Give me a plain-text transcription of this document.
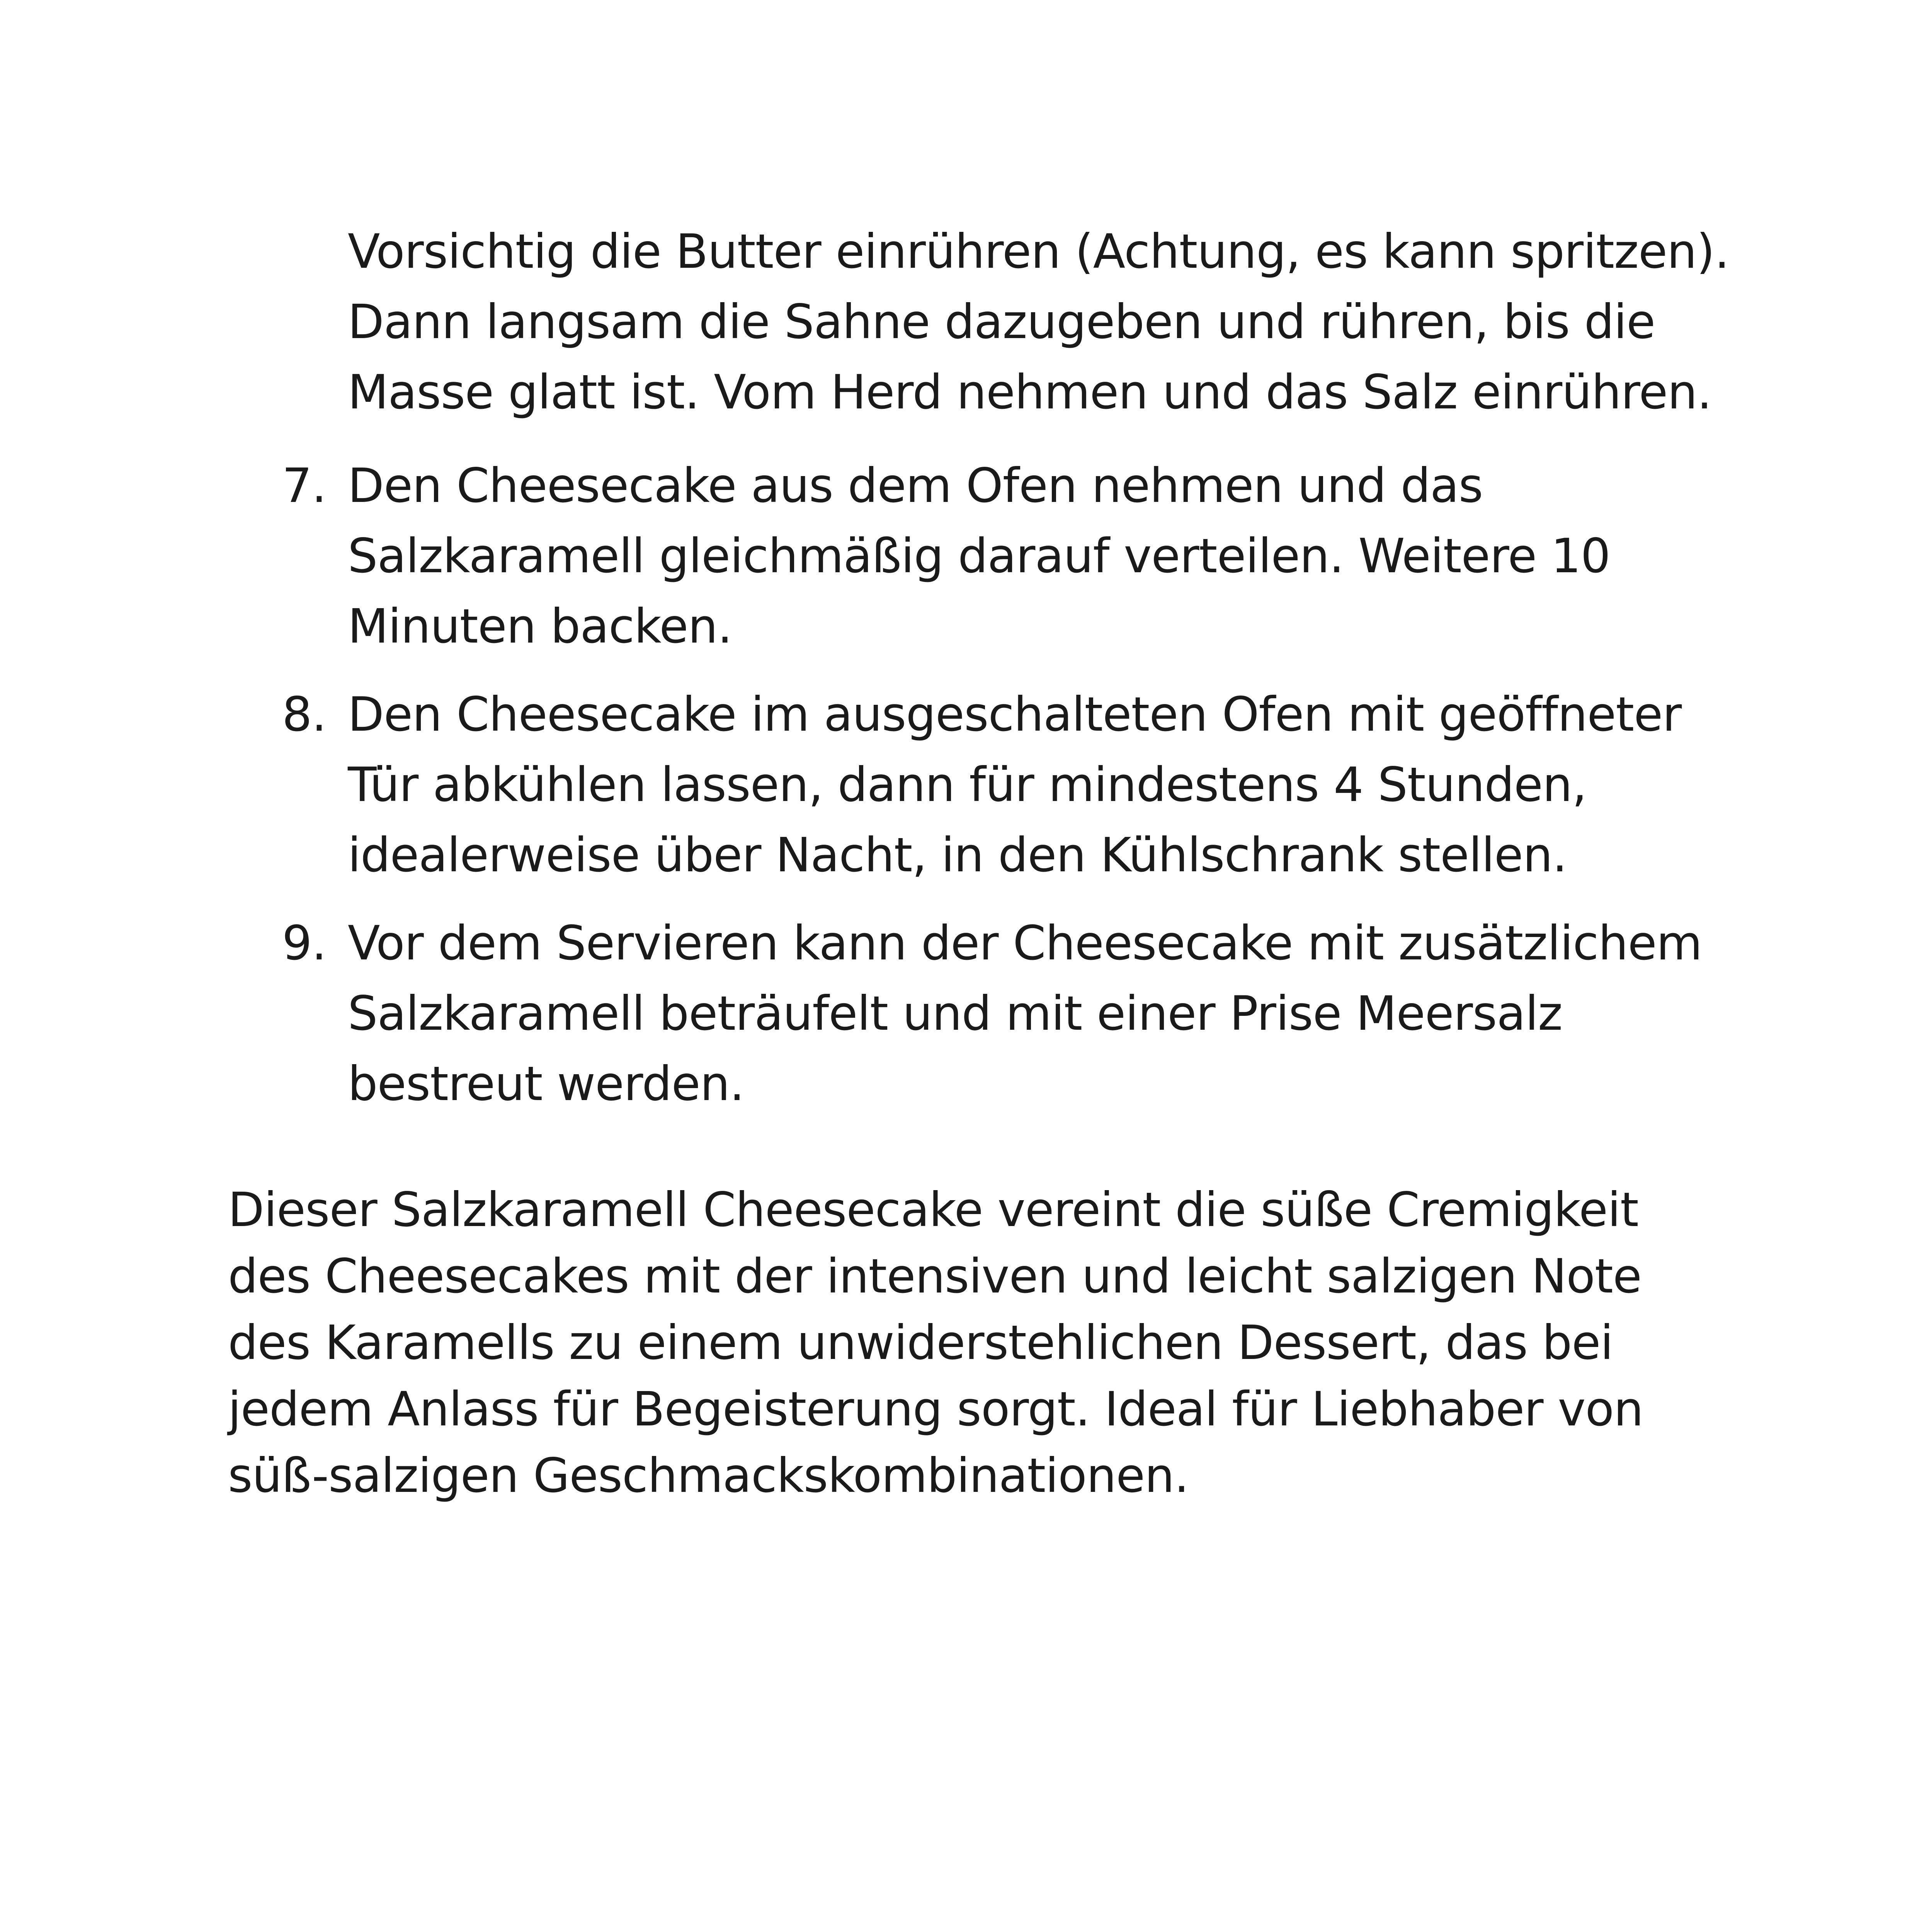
Vorsichtig die Butter einrühren (Achtung, es kann spritzen). Dann langsam die Sahne dazugeben und rühren, bis die Masse glatt ist. Vom Herd nehmen und das Salz einrühren.
7. Den Cheesecake aus dem Ofen nehmen und das Salzkaramell gleichmäßig darauf verteilen. Weitere 10 Minuten backen.
8. Den Cheesecake im ausgeschalteten Ofen mit geöffneter Tür abkühlen lassen, dann für mindestens 4 Stunden, idealerweise über Nacht, in den Kühlschrank stellen.
9. Vor dem Servieren kann der Cheesecake mit zusätzlichem Salzkaramell beträufelt und mit einer Prise Meersalz bestreut werden.

Dieser Salzkaramell Cheesecake vereint die süße Cremigkeit des Cheesecakes mit der intensiven und leicht salzigen Note des Karamells zu einem unwiderstehlichen Dessert, das bei jedem Anlass für Begeisterung sorgt. Ideal für Liebhaber von süß-salzigen Geschmackskombinationen.
